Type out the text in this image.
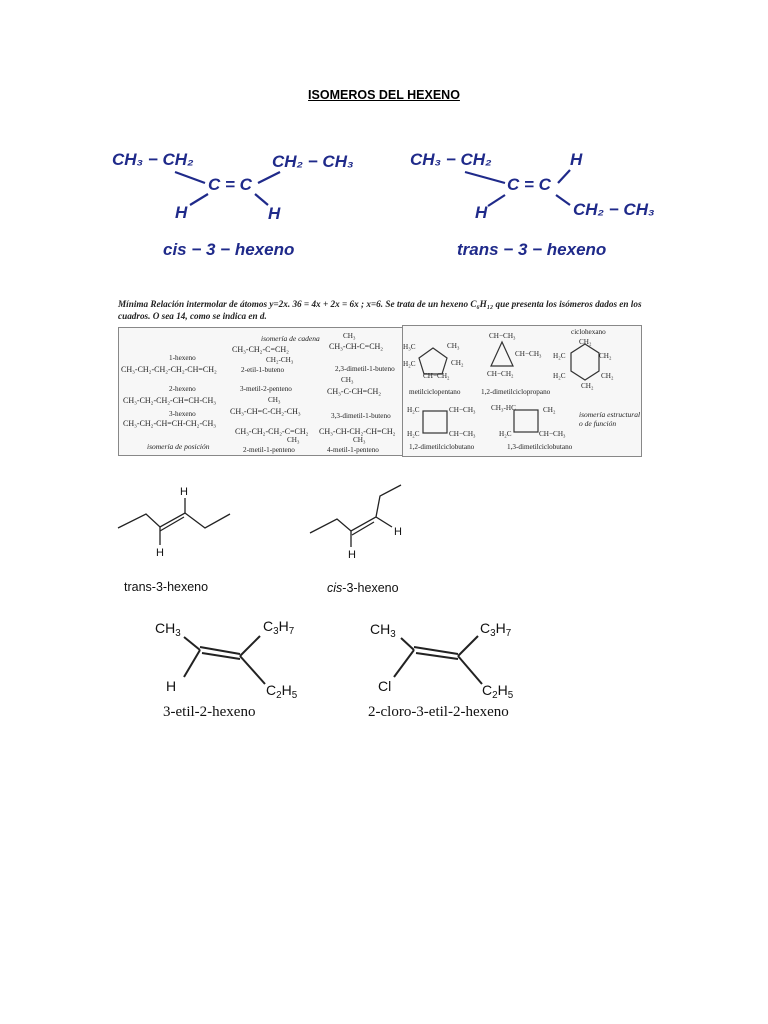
ISOMEROS DEL HEXENO
CH₃ − CH₂	CH₂ − CH₃
C = C
H	H
cis − 3 − hexeno
CH₃ − CH₂
C = C
H
H	CH₂ − CH₃
trans − 3 − hexeno
Mínima Relación intermolar de átomos y=2x. 36 = 4x + 2x = 6x ; x=6. Se trata de un hexeno C₆H₁₂ que presenta los isómeros dados en los cuadros. O sea 14, como se indica en d.
isomería de cadena
1-hexeno
CH₃-CH₂-CH₂-CH₂-CH=CH₂
2-hexeno
CH₃-CH₂-CH₂-CH=CH-CH₃
3-hexeno
CH₃-CH₂-CH=CH-CH₂-CH₃
isomería de posición
CH₃-CH₂-C=CH₂
CH₂-CH₃
2-etil-1-buteno
3-metil-2-penteno
CH₃
CH₃-CH=C-CH₂-CH₃
CH₃-CH₂-CH₂-C=CH₂
CH₃
2-metil-1-penteno
CH₃
CH₃-CH-C=CH₂
2,3-dimetil-1-buteno
CH₃
CH₃-C-CH=CH₂
3,3-dimetil-1-buteno
CH₃-CH-CH₂-CH=CH₂
CH₃
4-metil-1-penteno
H₃C	CH₃
H₂C	CH₂
CH−CH₂
metilciclopentano
CH−CH₃
CH−CH₃
CH−CH₂
1,2-dimetilciclopropano
ciclohexano
CH₂
CH₂
H₂C
H₂C	CH₂
CH₂
H₂C	CH−CH₃
H₂C	CH−CH₃
1,2-dimetilciclobutano
CH₃-HC	CH₂
H₂C	CH−CH₃
1,3-dimetilciclobutano
isomería estructural o de función
H
H
trans-3-hexeno
H
H
cis-3-hexeno
$CH_3$	$C_3H_7$
H	$C_2H_5$
3-etil-2-hexeno
$CH_3$	$C_3H_7$
Cl	$C_2H_5$
2-cloro-3-etil-2-hexeno
